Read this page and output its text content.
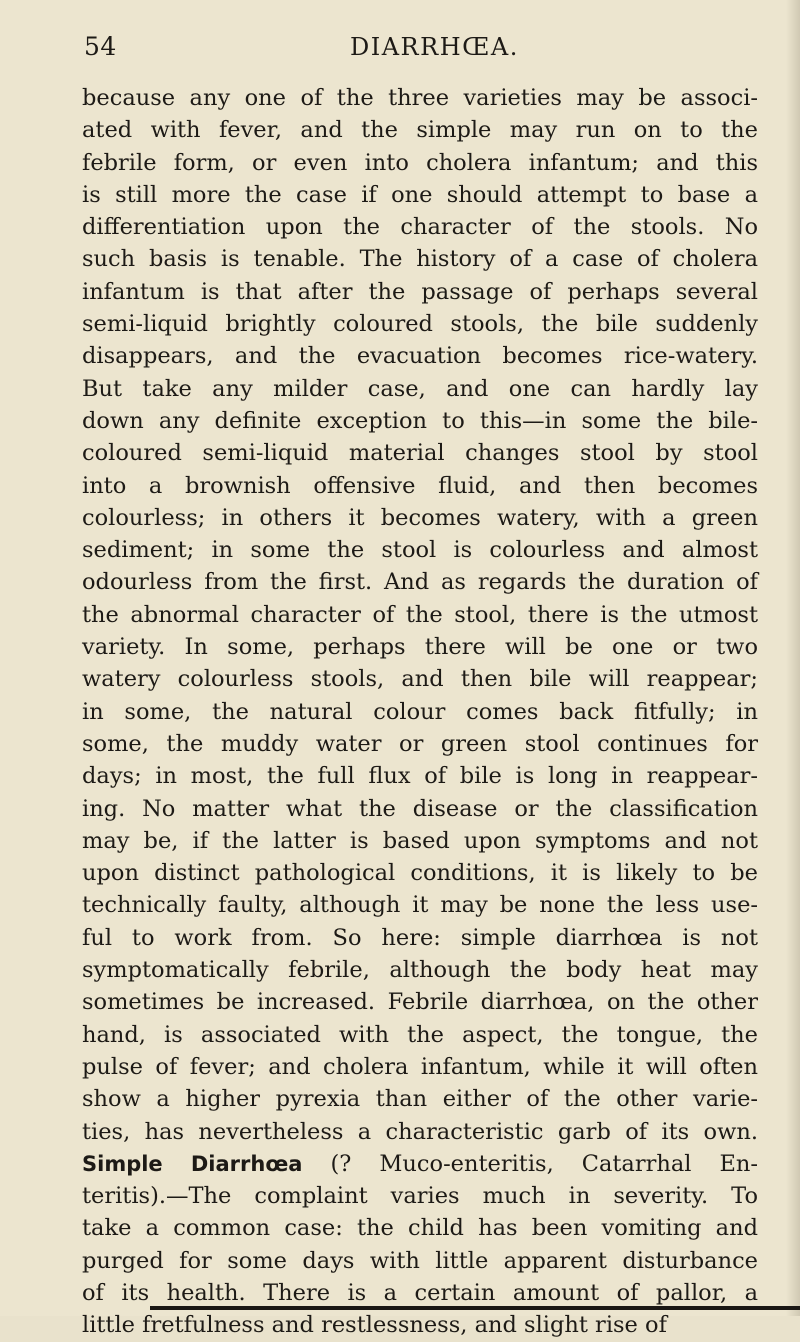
54	DIARRHŒA.
because any one of the three varieties may be associ-
ated with fever, and the simple may run on to the
febrile form, or even into cholera infantum; and this
is still more the case if one should attempt to base a
differentiation upon the character of the stools. No
such basis is tenable. The history of a case of cholera
infantum is that after the passage of perhaps several
semi-liquid brightly coloured stools, the bile suddenly
disappears, and the evacuation becomes rice-watery.
But take any milder case, and one can hardly lay
down any definite exception to this—in some the bile-
coloured semi-liquid material changes stool by stool
into a brownish offensive fluid, and then becomes
colourless; in others it becomes watery, with a green
sediment; in some the stool is colourless and almost
odourless from the first. And as regards the duration of
the abnormal character of the stool, there is the utmost
variety. In some, perhaps there will be one or two
watery colourless stools, and then bile will reappear;
in some, the natural colour comes back fitfully; in
some, the muddy water or green stool continues for
days; in most, the full flux of bile is long in reappear-
ing. No matter what the disease or the classification
may be, if the latter is based upon symptoms and not
upon distinct pathological conditions, it is likely to be
technically faulty, although it may be none the less use-
ful to work from. So here: simple diarrhœa is not
symptomatically febrile, although the body heat may
sometimes be increased. Febrile diarrhœa, on the other
hand, is associated with the aspect, the tongue, the
pulse of fever; and cholera infantum, while it will often
show a higher pyrexia than either of the other varie-
ties, has nevertheless a characteristic garb of its own.
Simple Diarrhœa (? Muco-enteritis, Catarrhal En-
teritis).—The complaint varies much in severity. To
take a common case: the child has been vomiting and
purged for some days with little apparent disturbance
of its health. There is a certain amount of pallor, a
little fretfulness and restlessness, and slight rise of
